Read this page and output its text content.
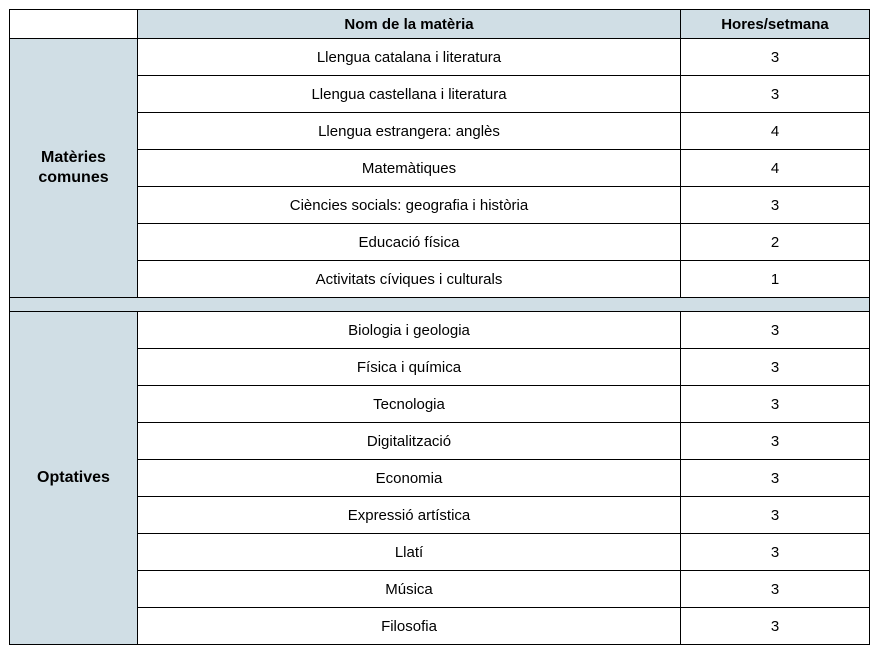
	Nom de la matèria	Hores/setmana
Matèries comunes	Llengua catalana i literatura	3
	Llengua castellana i literatura	3
	Llengua estrangera: anglès	4
	Matemàtiques	4
	Ciències socials: geografia i història	3
	Educació física	2
	Activitats cíviques i culturals	1

Optatives	Biologia i geologia	3
	Física i química	3
	Tecnologia	3
	Digitalització	3
	Economia	3
	Expressió artística	3
	Llatí	3
	Música	3
	Filosofia	3
